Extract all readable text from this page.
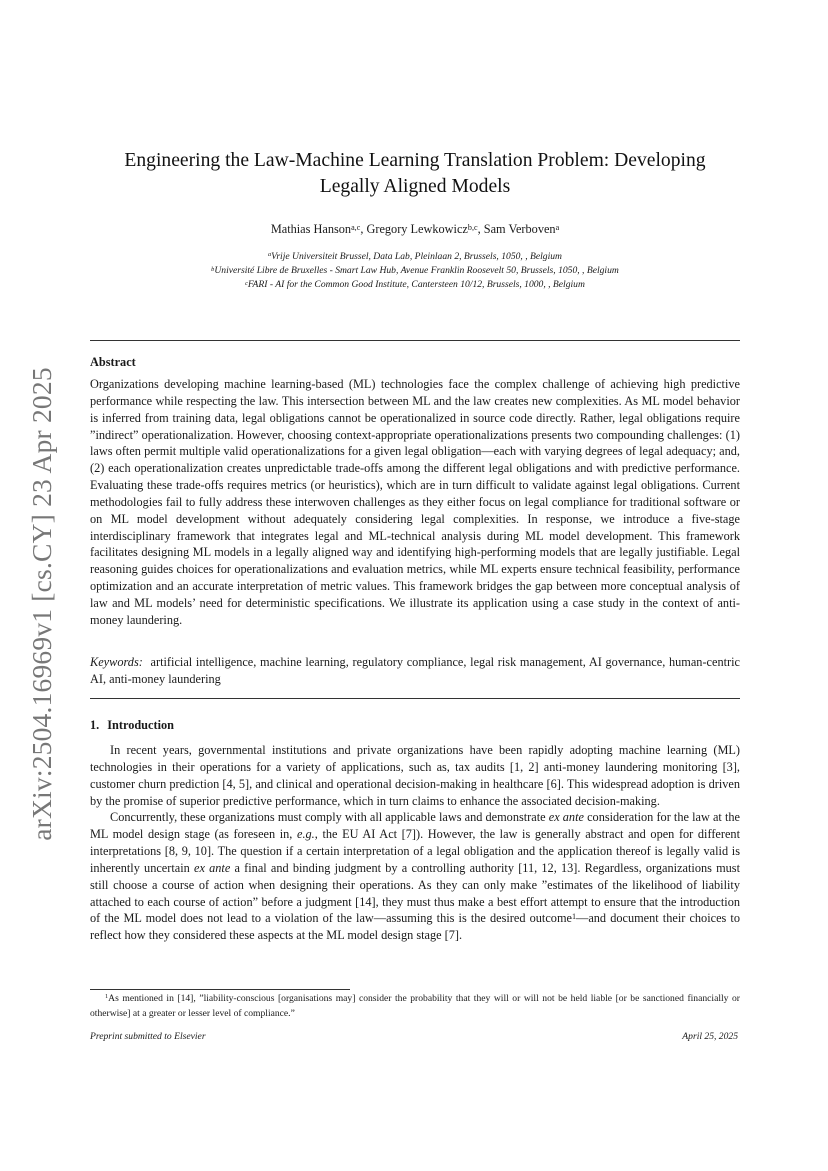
arXiv:2504.16969v1 [cs.CY] 23 Apr 2025
Engineering the Law-Machine Learning Translation Problem: Developing
Legally Aligned Models
Mathias Hanson$^{a,c}$, Gregory Lewkowicz$^{b,c}$, Sam Verboven$^a$
$^a$Vrije Universiteit Brussel, Data Lab, Pleinlaan 2, Brussels, 1050, , Belgium
$^b$Université Libre de Bruxelles - Smart Law Hub, Avenue Franklin Roosevelt 50, Brussels, 1050, , Belgium
$^c$FARI - AI for the Common Good Institute, Cantersteen 10/12, Brussels, 1000, , Belgium
Abstract
Organizations developing machine learning-based (ML) technologies face the complex challenge of achieving high predictive performance while respecting the law. This intersection between ML and the law creates new complexities. As ML model behavior is inferred from training data, legal obligations cannot be operationalized in source code directly. Rather, legal obligations require ”indirect” operationalization. However, choosing context-appropriate operationalizations presents two compounding challenges: (1) laws often permit multiple valid operationalizations for a given legal obligation—each with varying degrees of legal adequacy; and, (2) each operationalization creates unpredictable trade-offs among the different legal obligations and with predictive performance. Evaluating these trade-offs requires metrics (or heuristics), which are in turn difficult to validate against legal obligations. Current methodologies fail to fully address these interwoven challenges as they either focus on legal compliance for traditional software or on ML model development without adequately considering legal complexities. In response, we introduce a five-stage interdisciplinary framework that integrates legal and ML-technical analysis during ML model development. This framework facilitates designing ML models in a legally aligned way and identifying high-performing models that are legally justifiable. Legal reasoning guides choices for operationalizations and evaluation metrics, while ML experts ensure technical feasibility, performance optimization and an accurate interpretation of metric values. This framework bridges the gap between more conceptual analysis of law and ML models’ need for deterministic specifications. We illustrate its application using a case study in the context of anti-money laundering.
Keywords: artificial intelligence, machine learning, regulatory compliance, legal risk management, AI governance, human-centric AI, anti-money laundering
1. Introduction

In recent years, governmental institutions and private organizations have been rapidly adopting machine learning (ML) technologies in their operations for a variety of applications, such as, tax audits [1, 2] anti-money laundering monitoring [3], customer churn prediction [4, 5], and clinical and operational decision-making in healthcare [6]. This widespread adoption is driven by the promise of superior predictive performance, which in turn claims to enhance the associated decision-making.

Concurrently, these organizations must comply with all applicable laws and demonstrate ex ante consideration for the law at the ML model design stage (as foreseen in, e.g., the EU AI Act [7]). However, the law is generally abstract and open for different interpretations [8, 9, 10]. The question if a certain interpretation of a legal obligation and the application thereof is legally valid is inherently uncertain ex ante a final and binding judgment by a controlling authority [11, 12, 13]. Regardless, organizations must still choose a course of action when designing their operations. As they can only make ”estimates of the likelihood of liability attached to each course of action” before a judgment [14], they must thus make a best effort attempt to ensure that the introduction of the ML model does not lead to a violation of the law—assuming this is the desired outcome$^1$—and document their choices to reflect how they considered these aspects at the ML model design stage [7].

$^1$As mentioned in [14], ”liability-conscious [organisations may] consider the probability that they will or will not be held liable [or be sanctioned financially or otherwise] at a greater or lesser level of compliance.”

Preprint submitted to Elsevier	April 25, 2025
